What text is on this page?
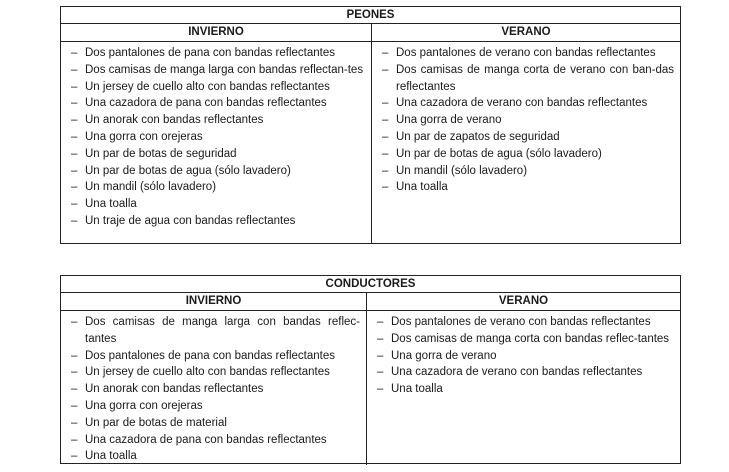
PEONES
INVIERNO	VERANO
– Dos pantalones de pana con bandas reflectantes
– Dos camisas de manga larga con bandas reflectan-tes
– Un jersey de cuello alto con bandas reflectantes
– Una cazadora de pana con bandas reflectantes
– Un anorak con bandas reflectantes
– Una gorra con orejeras
– Un par de botas de seguridad
– Un par de botas de agua (sólo lavadero)
– Un mandil (sólo lavadero)
– Una toalla
– Un traje de agua con bandas reflectantes
– Dos pantalones de verano con bandas reflectantes
– Dos camisas de manga corta de verano con ban-das reflectantes
– Una cazadora de verano con bandas reflectantes
– Una gorra de verano
– Un par de zapatos de seguridad
– Un par de botas de agua (sólo lavadero)
– Un mandil (sólo lavadero)
– Una toalla
CONDUCTORES
INVIERNO	VERANO
– Dos camisas de manga larga con bandas reflec-tantes
– Dos pantalones de pana con bandas reflectantes
– Un jersey de cuello alto con bandas reflectantes
– Un anorak con bandas reflectantes
– Una gorra con orejeras
– Un par de botas de material
– Una cazadora de pana con bandas reflectantes
– Una toalla
– Dos pantalones de verano con bandas reflectantes
– Dos camisas de manga corta con bandas reflec-tantes
– Una gorra de verano
– Una cazadora de verano con bandas reflectantes
– Una toalla
